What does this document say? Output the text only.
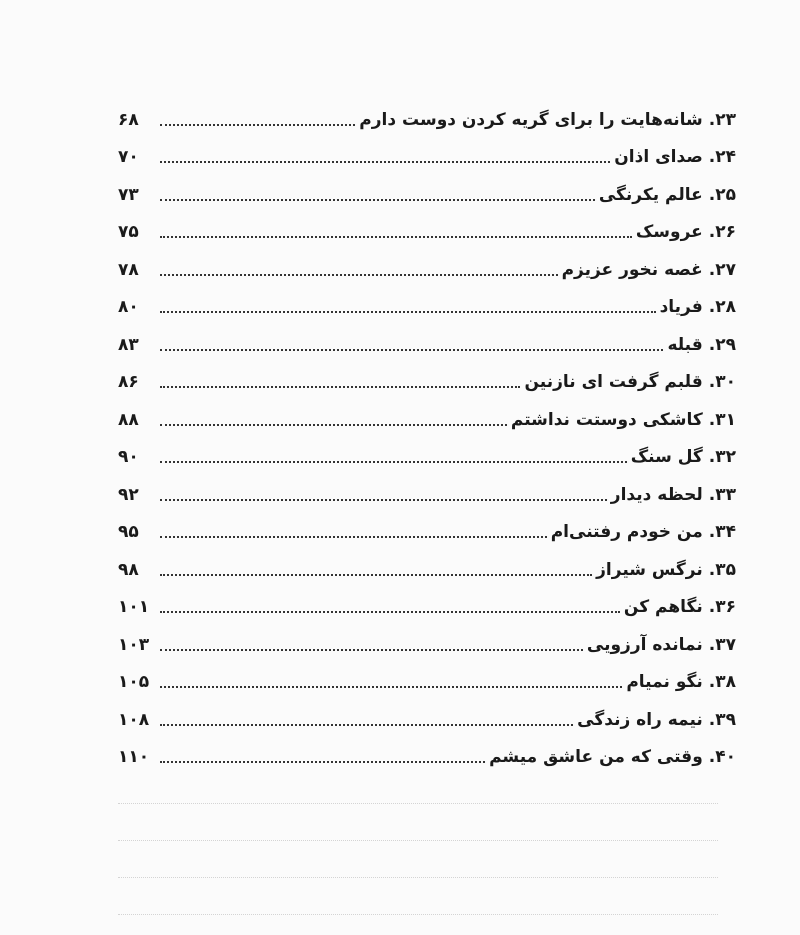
۲۳.
شانه‌هایت را برای گریه کردن دوست دارم
۶۸
۲۴.
صدای اذان
۷۰
۲۵.
عالم یکرنگی
۷۳
۲۶.
عروسک
۷۵
۲۷.
غصه نخور عزیزم
۷۸
۲۸.
فریاد
۸۰
۲۹.
قبله
۸۳
۳۰.
قلبم گرفت ای نازنین
۸۶
۳۱.
کاشکی دوستت نداشتم
۸۸
۳۲.
گل سنگ
۹۰
۳۳.
لحظه دیدار
۹۲
۳۴.
من خودم رفتنی‌ام
۹۵
۳۵.
نرگس شیراز
۹۸
۳۶.
نگاهم کن
۱۰۱
۳۷.
نمانده آرزویی
۱۰۳
۳۸.
نگو نمیام
۱۰۵
۳۹.
نیمه راه زندگی
۱۰۸
۴۰.
وقتی که من عاشق میشم
۱۱۰
